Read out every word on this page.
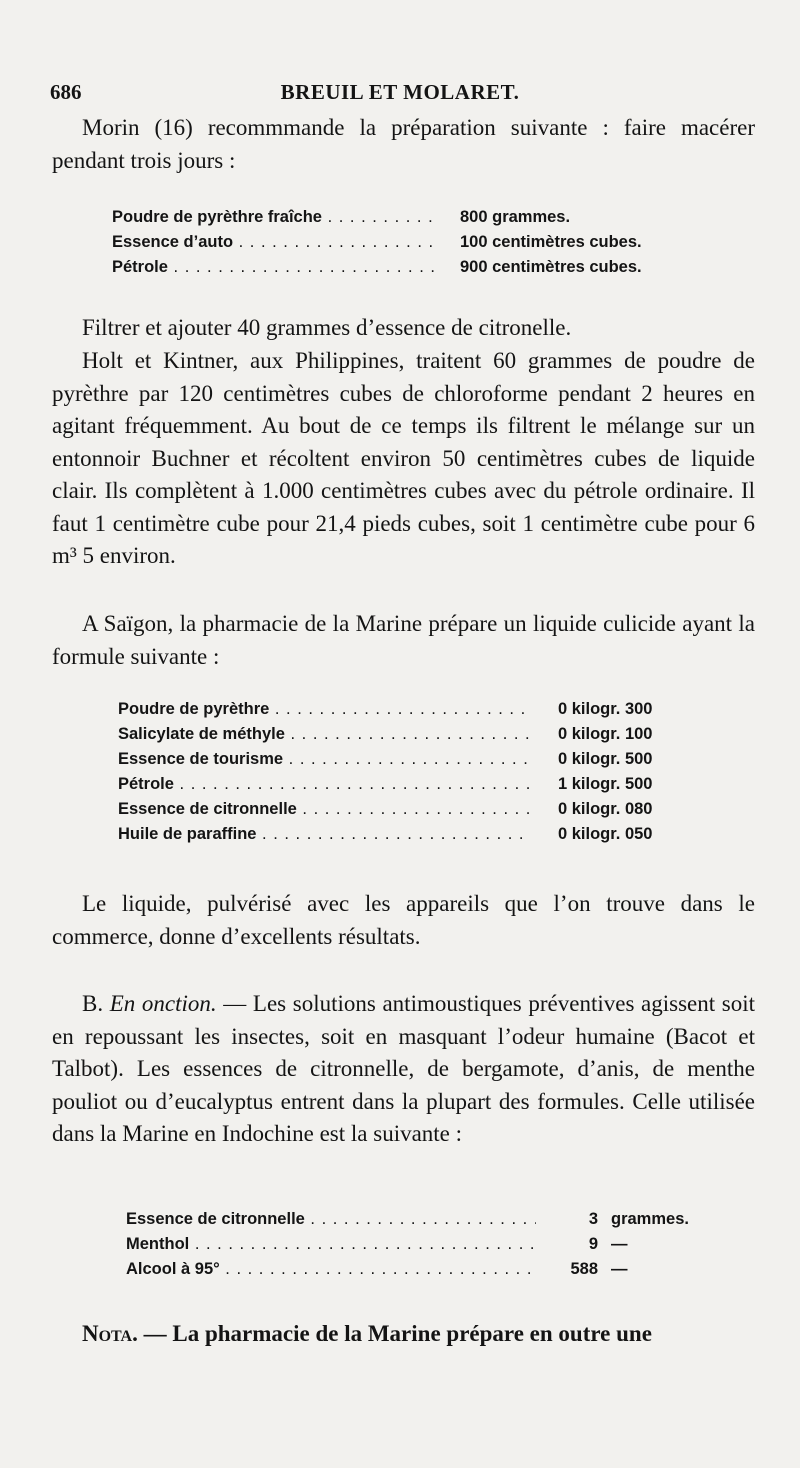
686	BREUIL ET MOLARET.

Morin (16) recommmande la préparation suivante : faire macérer pendant trois jours :

Poudre de pyrèthre fraîche . . .	800 grammes.
Essence d’auto . . .	100 centimètres cubes.
Pétrole . . .	900 centimètres cubes.

Filtrer et ajouter 40 grammes d’essence de citronelle.

Holt et Kintner, aux Philippines, traitent 60 grammes de poudre de pyrèthre par 120 centimètres cubes de chloroforme pendant 2 heures en agitant fréquemment. Au bout de ce temps ils filtrent le mélange sur un entonnoir Buchner et récoltent environ 50 centimètres cubes de liquide clair. Ils complètent à 1.000 centimètres cubes avec du pétrole ordinaire. Il faut 1 centimètre cube pour 21,4 pieds cubes, soit 1 centimètre cube pour 6 m³ 5 environ.

A Saïgon, la pharmacie de la Marine prépare un liquide culicide ayant la formule suivante :

Poudre de pyrèthre . . .	0 kilogr. 300
Salicylate de méthyle . . .	0 kilogr. 100
Essence de tourisme . . .	0 kilogr. 500
Pétrole . . .	1 kilogr. 500
Essence de citronnelle . . .	0 kilogr. 080
Huile de paraffine . . .	0 kilogr. 050

Le liquide, pulvérisé avec les appareils que l’on trouve dans le commerce, donne d’excellents résultats.

B. En onction. — Les solutions antimoustiques préventives agissent soit en repoussant les insectes, soit en masquant l’odeur humaine (Bacot et Talbot). Les essences de citronnelle, de bergamote, d’anis, de menthe pouliot ou d’eucalyptus entrent dans la plupart des formules. Celle utilisée dans la Marine en Indochine est la suivante :

Essence de citronnelle . . .	3 grammes.
Menthol . . .	9 —
Alcool à 95° . . .	588 —

Nota. — La pharmacie de la Marine prépare en outre une
